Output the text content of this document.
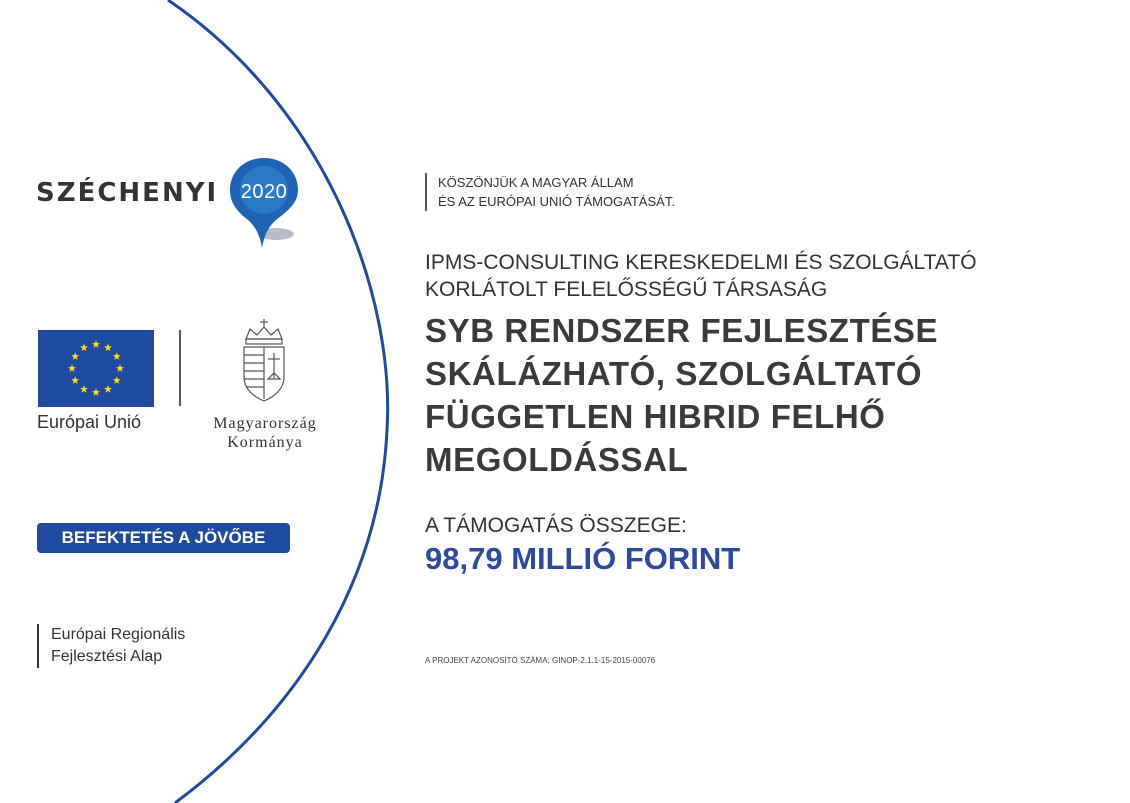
SZÉCHENYI 2020
Európai Unió	Magyarország
Kormánya
BEFEKTETÉS A JÖVŐBE
Európai Regionális
Fejlesztési Alap
KÖSZÖNJÜK A MAGYAR ÁLLAM
ÉS AZ EURÓPAI UNIÓ TÁMOGATÁSÁT.
IPMS-CONSULTING KERESKEDELMI ÉS SZOLGÁLTATÓ
KORLÁTOLT FELELŐSSÉGŰ TÁRSASÁG
SYB RENDSZER FEJLESZTÉSE
SKÁLÁZHATÓ, SZOLGÁLTATÓ
FÜGGETLEN HIBRID FELHŐ
MEGOLDÁSSAL
A TÁMOGATÁS ÖSSZEGE:
98,79 MILLIÓ FORINT
A PROJEKT AZONOSÍTÓ SZÁMA: GINOP-2.1.1-15-2015-00076
